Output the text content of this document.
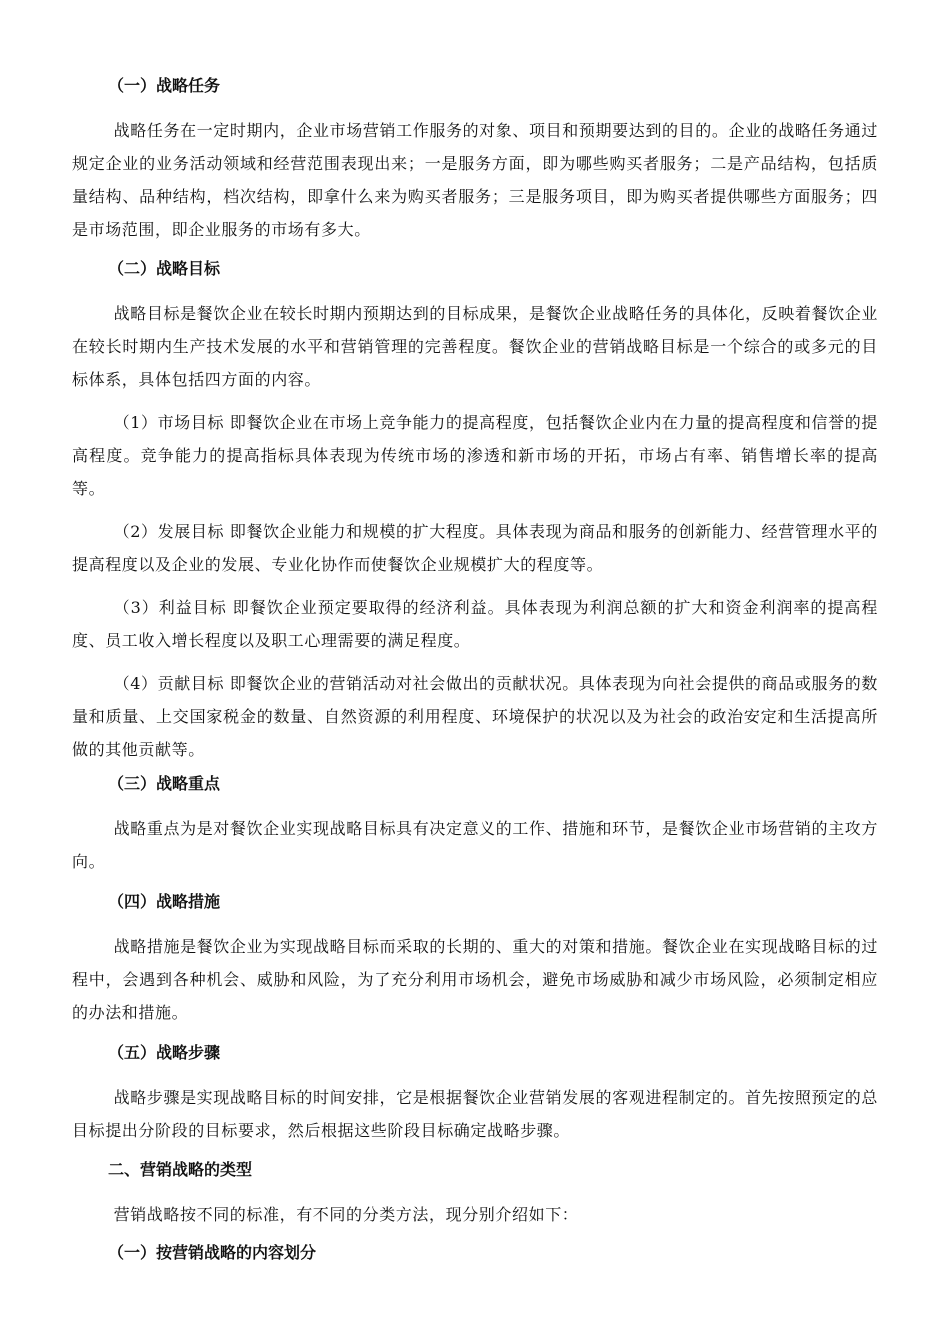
（一）战略任务

战略任务在一定时期内，企业市场营销工作服务的对象、项目和预期要达到的目的。企业的战略任务通过规定企业的业务活动领域和经营范围表现出来；一是服务方面，即为哪些购买者服务；二是产品结构，包括质量结构、品种结构，档次结构，即拿什么来为购买者服务；三是服务项目，即为购买者提供哪些方面服务；四是市场范围，即企业服务的市场有多大。

（二）战略目标

战略目标是餐饮企业在较长时期内预期达到的目标成果，是餐饮企业战略任务的具体化，反映着餐饮企业在较长时期内生产技术发展的水平和营销管理的完善程度。餐饮企业的营销战略目标是一个综合的或多元的目标体系，具体包括四方面的内容。

（1）市场目标 即餐饮企业在市场上竞争能力的提高程度，包括餐饮企业内在力量的提高程度和信誉的提高程度。竞争能力的提高指标具体表现为传统市场的渗透和新市场的开拓，市场占有率、销售增长率的提高等。

（2）发展目标 即餐饮企业能力和规模的扩大程度。具体表现为商品和服务的创新能力、经营管理水平的提高程度以及企业的发展、专业化协作而使餐饮企业规模扩大的程度等。

（3）利益目标 即餐饮企业预定要取得的经济利益。具体表现为利润总额的扩大和资金利润率的提高程度、员工收入增长程度以及职工心理需要的满足程度。

（4）贡献目标 即餐饮企业的营销活动对社会做出的贡献状况。具体表现为向社会提供的商品或服务的数量和质量、上交国家税金的数量、自然资源的利用程度、环境保护的状况以及为社会的政治安定和生活提高所做的其他贡献等。

（三）战略重点

战略重点为是对餐饮企业实现战略目标具有决定意义的工作、措施和环节，是餐饮企业市场营销的主攻方向。

（四）战略措施

战略措施是餐饮企业为实现战略目标而采取的长期的、重大的对策和措施。餐饮企业在实现战略目标的过程中，会遇到各种机会、威胁和风险，为了充分利用市场机会，避免市场威胁和减少市场风险，必须制定相应的办法和措施。

（五）战略步骤

战略步骤是实现战略目标的时间安排，它是根据餐饮企业营销发展的客观进程制定的。首先按照预定的总目标提出分阶段的目标要求，然后根据这些阶段目标确定战略步骤。

二、营销战略的类型

营销战略按不同的标准，有不同的分类方法，现分别介绍如下：

（一）按营销战略的内容划分
